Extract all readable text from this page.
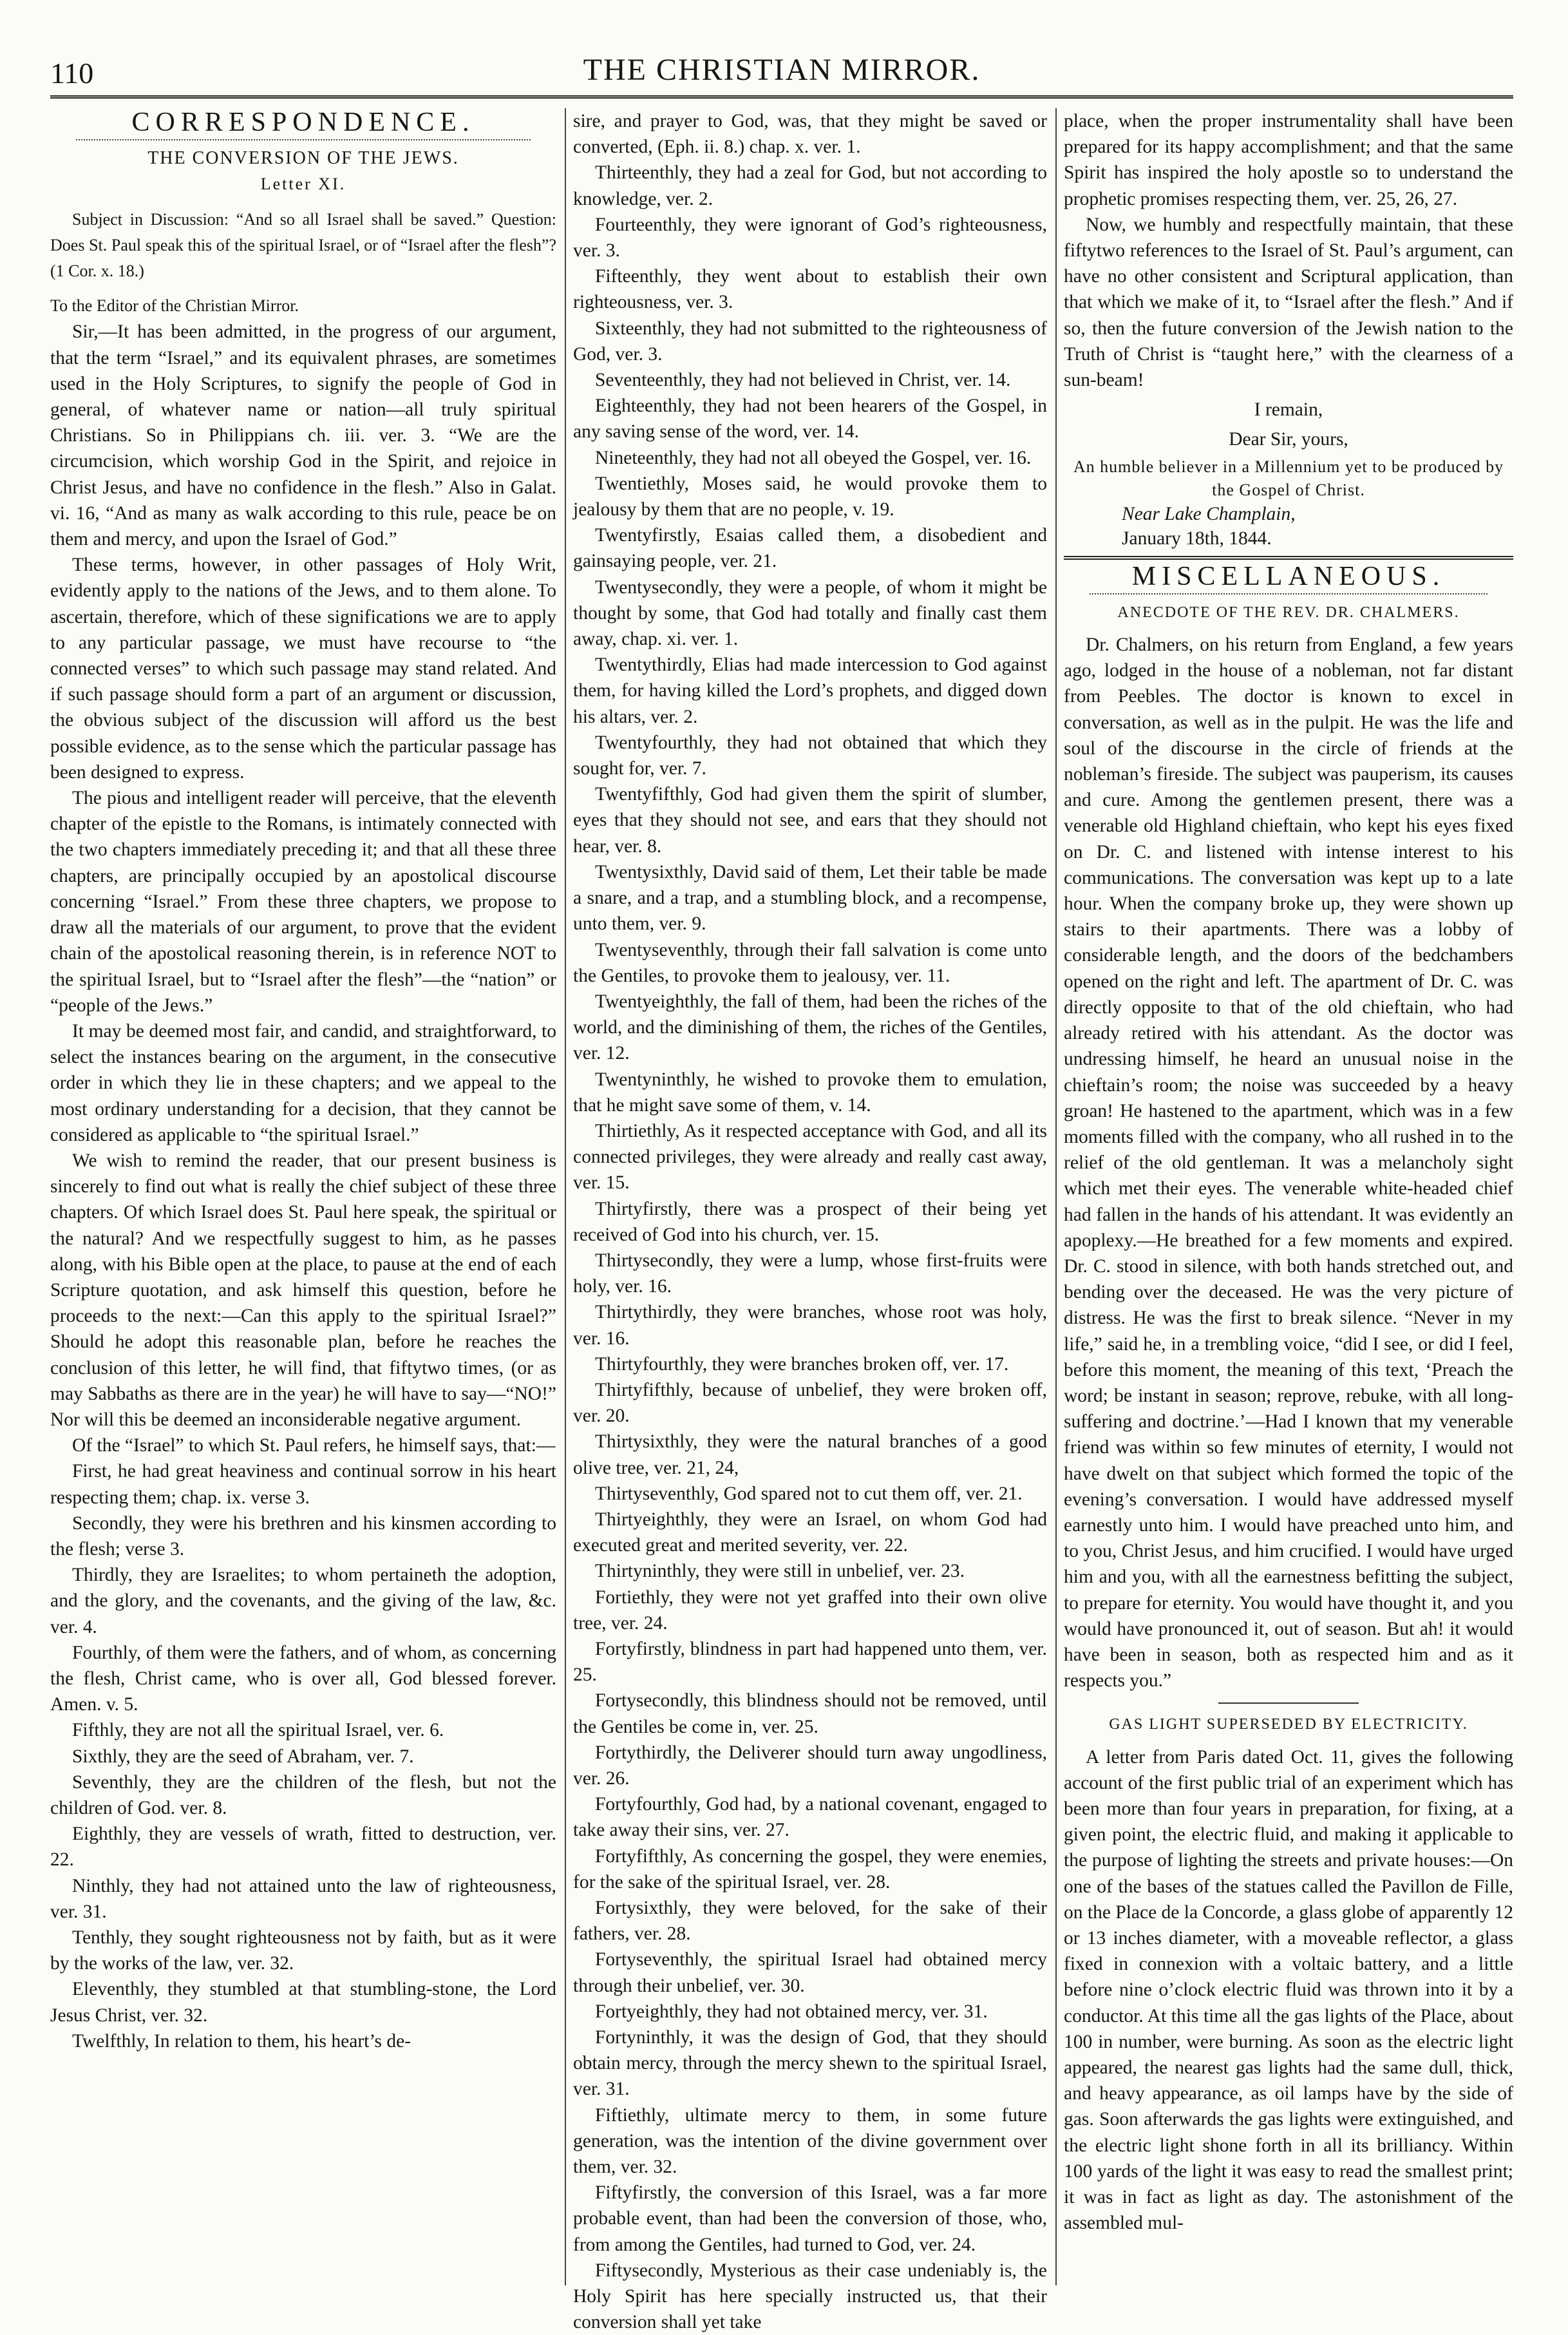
110	THE CHRISTIAN MIRROR.
CORRESPONDENCE.
THE CONVERSION OF THE JEWS.
Letter XI.

Subject in Discussion: “And so all Israel shall be saved.” Question: Does St. Paul speak this of the spiritual Israel, or of “Israel after the flesh”? (1 Cor. x. 18.)

To the Editor of the Christian Mirror.

Sir,—It has been admitted, in the progress of our argument, that the term “Israel,” and its equivalent phrases, are sometimes used in the Holy Scriptures, to signify the people of God in general, of whatever name or nation—all truly spiritual Christians. So in Philippians ch. iii. ver. 3. “We are the circumcision, which worship God in the Spirit, and rejoice in Christ Jesus, and have no confidence in the flesh.” Also in Galat. vi. 16, “And as many as walk according to this rule, peace be on them and mercy, and upon the Israel of God.”

These terms, however, in other passages of Holy Writ, evidently apply to the nations of the Jews, and to them alone. To ascertain, therefore, which of these significations we are to apply to any particular passage, we must have recourse to “the connected verses” to which such passage may stand related. And if such passage should form a part of an argument or discussion, the obvious subject of the discussion will afford us the best possible evidence, as to the sense which the particular passage has been designed to express.

The pious and intelligent reader will perceive, that the eleventh chapter of the epistle to the Romans, is intimately connected with the two chapters immediately preceding it; and that all these three chapters, are principally occupied by an apostolical discourse concerning “Israel.” From these three chapters, we propose to draw all the materials of our argument, to prove that the evident chain of the apostolical reasoning therein, is in reference NOT to the spiritual Israel, but to “Israel after the flesh”—the “nation” or “people of the Jews.”

It may be deemed most fair, and candid, and straightforward, to select the instances bearing on the argument, in the consecutive order in which they lie in these chapters; and we appeal to the most ordinary understanding for a decision, that they cannot be considered as applicable to “the spiritual Israel.”

We wish to remind the reader, that our present business is sincerely to find out what is really the chief subject of these three chapters. Of which Israel does St. Paul here speak, the spiritual or the natural? And we respectfully suggest to him, as he passes along, with his Bible open at the place, to pause at the end of each Scripture quotation, and ask himself this question, before he proceeds to the next:—Can this apply to the spiritual Israel?” Should he adopt this reasonable plan, before he reaches the conclusion of this letter, he will find, that fiftytwo times, (or as may Sabbaths as there are in the year) he will have to say—“NO!” Nor will this be deemed an inconsiderable negative argument.

Of the “Israel” to which St. Paul refers, he himself says, that:—

First, he had great heaviness and continual sorrow in his heart respecting them; chap. ix. verse 3.

Secondly, they were his brethren and his kinsmen according to the flesh; verse 3.

Thirdly, they are Israelites; to whom pertaineth the adoption, and the glory, and the covenants, and the giving of the law, &c. ver. 4.

Fourthly, of them were the fathers, and of whom, as concerning the flesh, Christ came, who is over all, God blessed forever. Amen. v. 5.

Fifthly, they are not all the spiritual Israel, ver. 6.

Sixthly, they are the seed of Abraham, ver. 7.

Seventhly, they are the children of the flesh, but not the children of God. ver. 8.

Eighthly, they are vessels of wrath, fitted to destruction, ver. 22.

Ninthly, they had not attained unto the law of righteousness, ver. 31.

Tenthly, they sought righteousness not by faith, but as it were by the works of the law, ver. 32.

Eleventhly, they stumbled at that stumbling-stone, the Lord Jesus Christ, ver. 32.

Twelfthly, In relation to them, his heart’s de-

sire, and prayer to God, was, that they might be saved or converted, (Eph. ii. 8.) chap. x. ver. 1.

Thirteenthly, they had a zeal for God, but not according to knowledge, ver. 2.

Fourteenthly, they were ignorant of God’s righteousness, ver. 3.

Fifteenthly, they went about to establish their own righteousness, ver. 3.

Sixteenthly, they had not submitted to the righteousness of God, ver. 3.

Seventeenthly, they had not believed in Christ, ver. 14.

Eighteenthly, they had not been hearers of the Gospel, in any saving sense of the word, ver. 14.

Nineteenthly, they had not all obeyed the Gospel, ver. 16.

Twentiethly, Moses said, he would provoke them to jealousy by them that are no people, v. 19.

Twentyfirstly, Esaias called them, a disobedient and gainsaying people, ver. 21.

Twentysecondly, they were a people, of whom it might be thought by some, that God had totally and finally cast them away, chap. xi. ver. 1.

Twentythirdly, Elias had made intercession to God against them, for having killed the Lord’s prophets, and digged down his altars, ver. 2.

Twentyfourthly, they had not obtained that which they sought for, ver. 7.

Twentyfifthly, God had given them the spirit of slumber, eyes that they should not see, and ears that they should not hear, ver. 8.

Twentysixthly, David said of them, Let their table be made a snare, and a trap, and a stumbling block, and a recompense, unto them, ver. 9.

Twentyseventhly, through their fall salvation is come unto the Gentiles, to provoke them to jealousy, ver. 11.

Twentyeighthly, the fall of them, had been the riches of the world, and the diminishing of them, the riches of the Gentiles, ver. 12.

Twentyninthly, he wished to provoke them to emulation, that he might save some of them, v. 14.

Thirtiethly, As it respected acceptance with God, and all its connected privileges, they were already and really cast away, ver. 15.

Thirtyfirstly, there was a prospect of their being yet received of God into his church, ver. 15.

Thirtysecondly, they were a lump, whose first-fruits were holy, ver. 16.

Thirtythirdly, they were branches, whose root was holy, ver. 16.

Thirtyfourthly, they were branches broken off, ver. 17.

Thirtyfifthly, because of unbelief, they were broken off, ver. 20.

Thirtysixthly, they were the natural branches of a good olive tree, ver. 21, 24,

Thirtyseventhly, God spared not to cut them off, ver. 21.

Thirtyeighthly, they were an Israel, on whom God had executed great and merited severity, ver. 22.

Thirtyninthly, they were still in unbelief, ver. 23.

Fortiethly, they were not yet graffed into their own olive tree, ver. 24.

Fortyfirstly, blindness in part had happened unto them, ver. 25.

Fortysecondly, this blindness should not be removed, until the Gentiles be come in, ver. 25.

Fortythirdly, the Deliverer should turn away ungodliness, ver. 26.

Fortyfourthly, God had, by a national covenant, engaged to take away their sins, ver. 27.

Fortyfifthly, As concerning the gospel, they were enemies, for the sake of the spiritual Israel, ver. 28.

Fortysixthly, they were beloved, for the sake of their fathers, ver. 28.

Fortyseventhly, the spiritual Israel had obtained mercy through their unbelief, ver. 30.

Fortyeighthly, they had not obtained mercy, ver. 31.

Fortyninthly, it was the design of God, that they should obtain mercy, through the mercy shewn to the spiritual Israel, ver. 31.

Fiftiethly, ultimate mercy to them, in some future generation, was the intention of the divine government over them, ver. 32.

Fiftyfirstly, the conversion of this Israel, was a far more probable event, than had been the conversion of those, who, from among the Gentiles, had turned to God, ver. 24.

Fiftysecondly, Mysterious as their case undeniably is, the Holy Spirit has here specially instructed us, that their conversion shall yet take

place, when the proper instrumentality shall have been prepared for its happy accomplishment; and that the same Spirit has inspired the holy apostle so to understand the prophetic promises respecting them, ver. 25, 26, 27.

Now, we humbly and respectfully maintain, that these fiftytwo references to the Israel of St. Paul’s argument, can have no other consistent and Scriptural application, than that which we make of it, to “Israel after the flesh.” And if so, then the future conversion of the Jewish nation to the Truth of Christ is “taught here,” with the clearness of a sun-beam!

I remain,
Dear Sir, yours,
An humble believer in a Millennium yet to be produced by the Gospel of Christ.
Near Lake Champlain,
January 18th, 1844.
MISCELLANEOUS.
ANECDOTE OF THE REV. DR. CHALMERS.

Dr. Chalmers, on his return from England, a few years ago, lodged in the house of a nobleman, not far distant from Peebles. The doctor is known to excel in conversation, as well as in the pulpit. He was the life and soul of the discourse in the circle of friends at the nobleman’s fireside. The subject was pauperism, its causes and cure. Among the gentlemen present, there was a venerable old Highland chieftain, who kept his eyes fixed on Dr. C. and listened with intense interest to his communications. The conversation was kept up to a late hour. When the company broke up, they were shown up stairs to their apartments. There was a lobby of considerable length, and the doors of the bedchambers opened on the right and left. The apartment of Dr. C. was directly opposite to that of the old chieftain, who had already retired with his attendant. As the doctor was undressing himself, he heard an unusual noise in the chieftain’s room; the noise was succeeded by a heavy groan! He hastened to the apartment, which was in a few moments filled with the company, who all rushed in to the relief of the old gentleman. It was a melancholy sight which met their eyes. The venerable white-headed chief had fallen in the hands of his attendant. It was evidently an apoplexy.—He breathed for a few moments and expired. Dr. C. stood in silence, with both hands stretched out, and bending over the deceased. He was the very picture of distress. He was the first to break silence. “Never in my life,” said he, in a trembling voice, “did I see, or did I feel, before this moment, the meaning of this text, ‘Preach the word; be instant in season; reprove, rebuke, with all long-suffering and doctrine.’—Had I known that my venerable friend was within so few minutes of eternity, I would not have dwelt on that subject which formed the topic of the evening’s conversation. I would have addressed myself earnestly unto him. I would have preached unto him, and to you, Christ Jesus, and him crucified. I would have urged him and you, with all the earnestness befitting the subject, to prepare for eternity. You would have thought it, and you would have pronounced it, out of season. But ah! it would have been in season, both as respected him and as it respects you.”

GAS LIGHT SUPERSEDED BY ELECTRICITY.

A letter from Paris dated Oct. 11, gives the following account of the first public trial of an experiment which has been more than four years in preparation, for fixing, at a given point, the electric fluid, and making it applicable to the purpose of lighting the streets and private houses:—On one of the bases of the statues called the Pavillon de Fille, on the Place de la Concorde, a glass globe of apparently 12 or 13 inches diameter, with a moveable reflector, a glass fixed in connexion with a voltaic battery, and a little before nine o’clock electric fluid was thrown into it by a conductor. At this time all the gas lights of the Place, about 100 in number, were burning. As soon as the electric light appeared, the nearest gas lights had the same dull, thick, and heavy appearance, as oil lamps have by the side of gas. Soon afterwards the gas lights were extinguished, and the electric light shone forth in all its brilliancy. Within 100 yards of the light it was easy to read the smallest print; it was in fact as light as day. The astonishment of the assembled mul-
